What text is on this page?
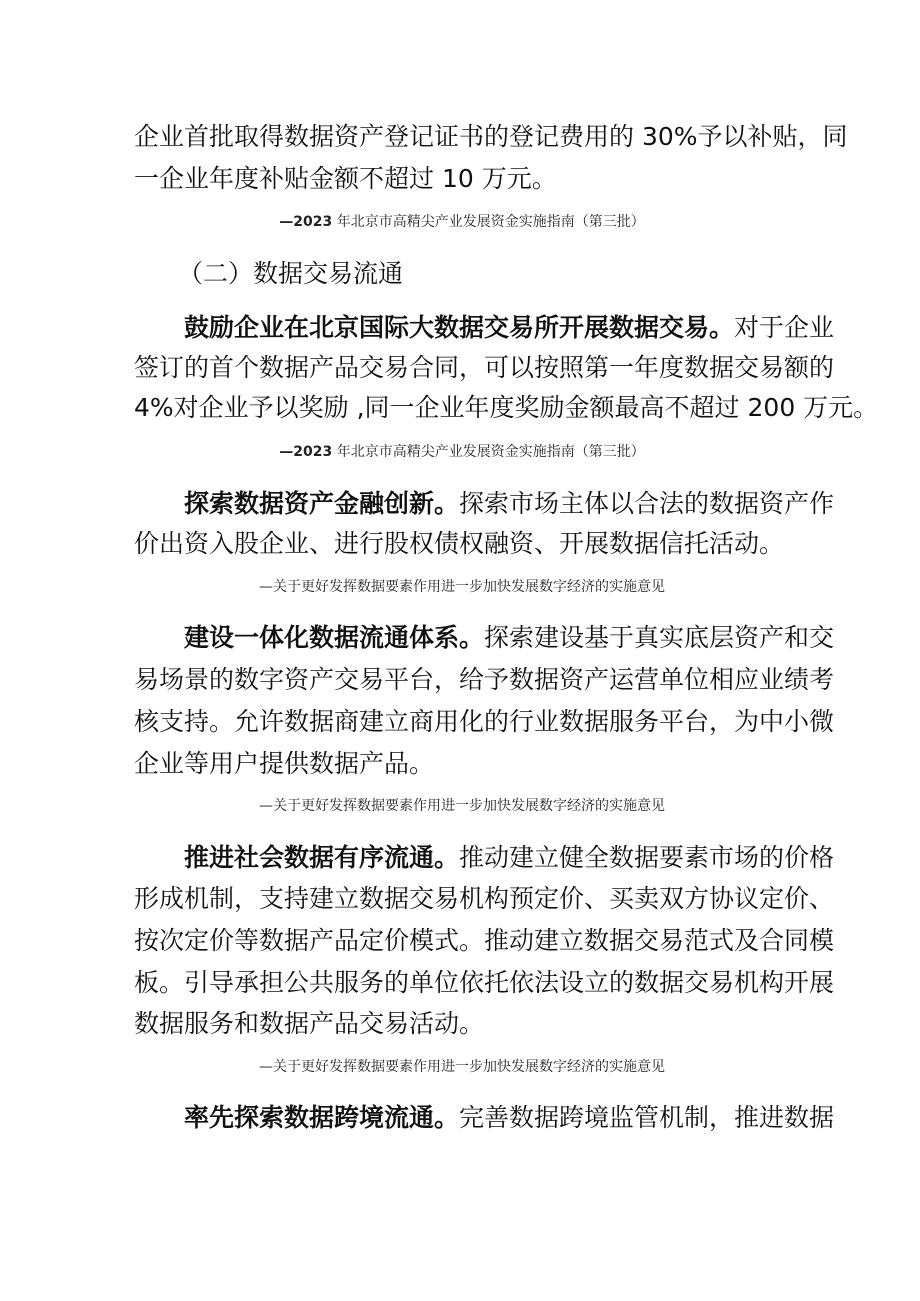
企业首批取得数据资产登记证书的登记费用的 30%予以补贴，同
一企业年度补贴金额不超过 10 万元。
—2023 年北京市高精尖产业发展资金实施指南（第三批）
（二）数据交易流通
鼓励企业在北京国际大数据交易所开展数据交易。对于企业
签订的首个数据产品交易合同，可以按照第一年度数据交易额的
4%对企业予以奖励 ,同一企业年度奖励金额最高不超过 200 万元。
—2023 年北京市高精尖产业发展资金实施指南（第三批）
探索数据资产金融创新。探索市场主体以合法的数据资产作
价出资入股企业、进行股权债权融资、开展数据信托活动。
—关于更好发挥数据要素作用进一步加快发展数字经济的实施意见
建设一体化数据流通体系。探索建设基于真实底层资产和交
易场景的数字资产交易平台，给予数据资产运营单位相应业绩考
核支持。允许数据商建立商用化的行业数据服务平台，为中小微
企业等用户提供数据产品。
—关于更好发挥数据要素作用进一步加快发展数字经济的实施意见
推进社会数据有序流通。推动建立健全数据要素市场的价格
形成机制，支持建立数据交易机构预定价、买卖双方协议定价、
按次定价等数据产品定价模式。推动建立数据交易范式及合同模
板。引导承担公共服务的单位依托依法设立的数据交易机构开展
数据服务和数据产品交易活动。
—关于更好发挥数据要素作用进一步加快发展数字经济的实施意见
率先探索数据跨境流通。完善数据跨境监管机制，推进数据
